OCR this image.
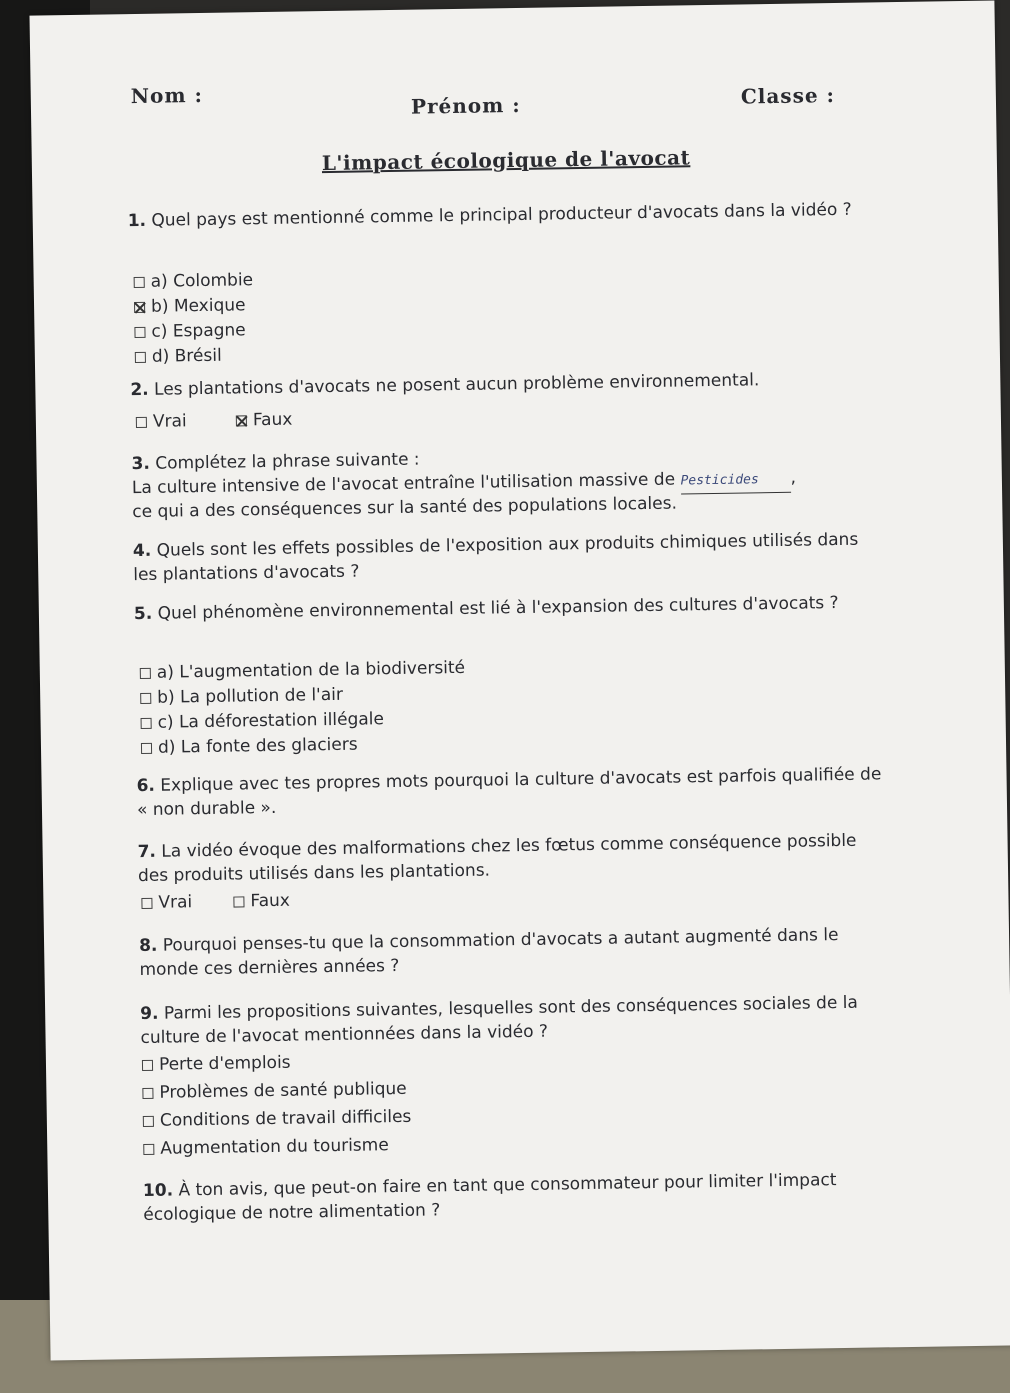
Nom :	Prénom :	Classe :
L'impact écologique de l'avocat
1. Quel pays est mentionné comme le principal producteur d'avocats dans la vidéo ?
a) Colombie
b) Mexique
c) Espagne
d) Brésil
2. Les plantations d'avocats ne posent aucun problème environnemental.
Vrai	Faux
3. Complétez la phrase suivante :
La culture intensive de l'avocat entraîne l'utilisation massive de Pesticides ,
ce qui a des conséquences sur la santé des populations locales.
4. Quels sont les effets possibles de l'exposition aux produits chimiques utilisés dans les plantations d'avocats ?
5. Quel phénomène environnemental est lié à l'expansion des cultures d'avocats ?
a) L'augmentation de la biodiversité
b) La pollution de l'air
c) La déforestation illégale
d) La fonte des glaciers
6. Explique avec tes propres mots pourquoi la culture d'avocats est parfois qualifiée de « non durable ».
7. La vidéo évoque des malformations chez les fœtus comme conséquence possible des produits utilisés dans les plantations.
Vrai	Faux
8. Pourquoi penses-tu que la consommation d'avocats a autant augmenté dans le monde ces dernières années ?
9. Parmi les propositions suivantes, lesquelles sont des conséquences sociales de la culture de l'avocat mentionnées dans la vidéo ?
Perte d'emplois
Problèmes de santé publique
Conditions de travail difficiles
Augmentation du tourisme
10. À ton avis, que peut-on faire en tant que consommateur pour limiter l'impact écologique de notre alimentation ?
